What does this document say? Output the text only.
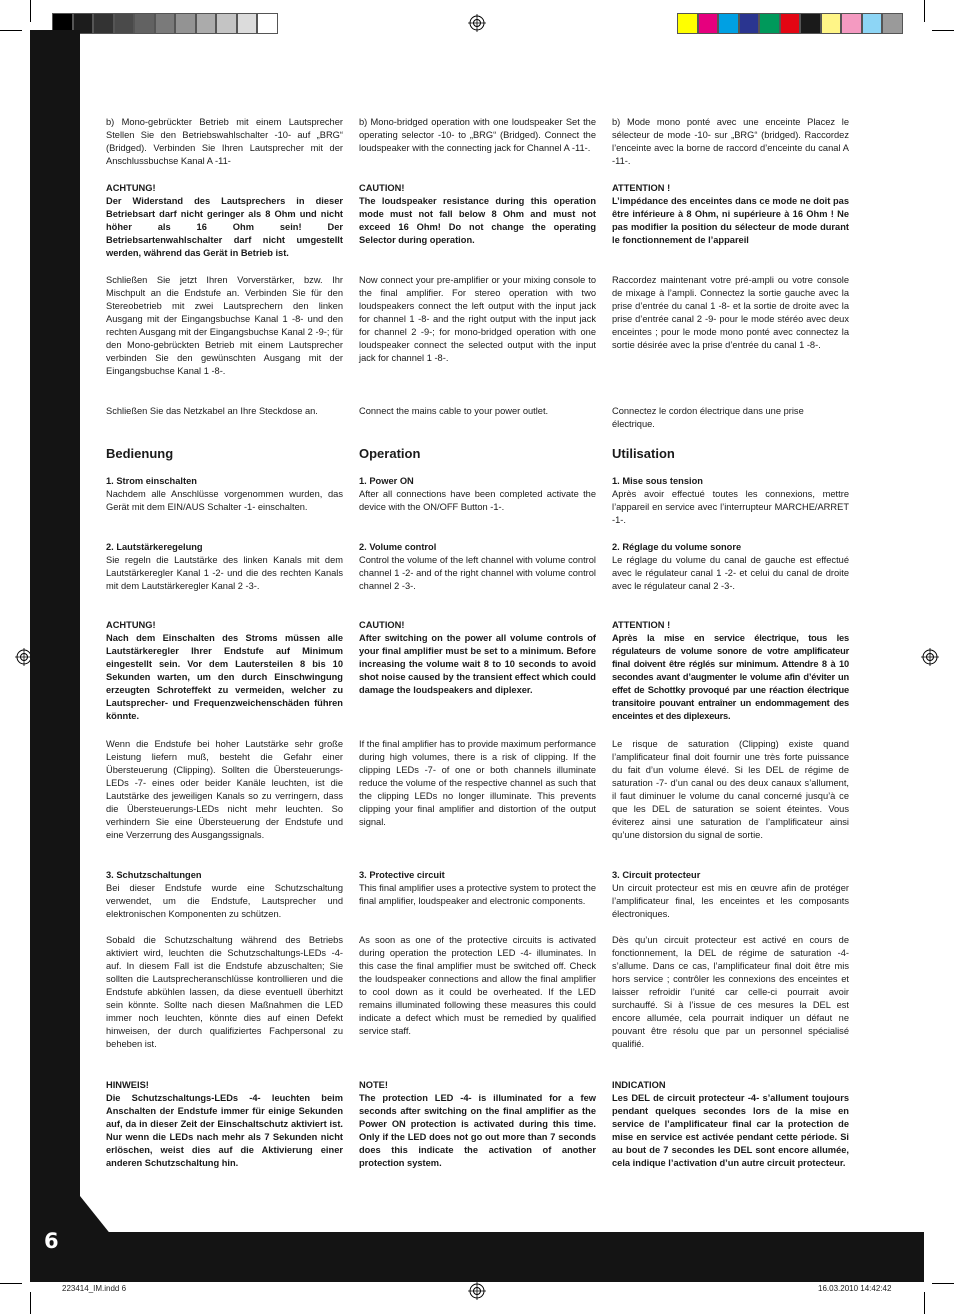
6

b) Mono-gebrückter Betrieb mit einem Lautsprecher Stellen Sie den Betriebswahlschalter -10- auf „BRG“ (Bridged). Verbinden Sie Ihren Lautsprecher mit der Anschlussbuchse Kanal A -11-

ACHTUNG!

Der Widerstand des Lautsprechers in dieser Betriebsart darf nicht geringer als 8 Ohm und nicht höher als 16 Ohm sein! Der Betriebsartenwahlschalter darf nicht umgestellt werden, während das Gerät in Betrieb ist.

Schließen Sie jetzt Ihren Vorverstärker, bzw. Ihr Mischpult an die Endstufe an. Verbinden Sie für den Stereobetrieb mit zwei Lautsprechern den linken Ausgang mit der Eingangsbuchse Kanal 1 -8- und den rechten Ausgang mit der Eingangsbuchse Kanal 2 -9-; für den Mono-gebrückten Betrieb mit einem Lautsprecher verbinden Sie den gewünschten Ausgang mit der Eingangsbuchse Kanal 1 -8-.

Schließen Sie das Netzkabel an Ihre Steckdose an.

Bedienung

1. Strom einschalten

Nachdem alle Anschlüsse vorgenommen wurden, das Gerät mit dem EIN/AUS Schalter -1- einschalten.

2. Lautstärkeregelung

Sie regeln die Lautstärke des linken Kanals mit dem Lautstärkeregler Kanal 1 -2- und die des rechten Kanals mit dem Lautstärkeregler Kanal 2 -3-.

ACHTUNG!

Nach dem Einschalten des Stroms müssen alle Lautstärkeregler Ihrer Endstufe auf Minimum eingestellt sein. Vor dem Lautersteilen 8 bis 10 Sekunden warten, um den durch Einschwingung erzeugten Schroteffekt zu vermeiden, welcher zu Lautsprecher- und Frequenzweichenschäden führen könnte.

Wenn die Endstufe bei hoher Lautstärke sehr große Leistung liefern muß, besteht die Gefahr einer Übersteuerung (Clipping). Sollten die Übersteuerungs-LEDs -7- eines oder beider Kanäle leuchten, ist die Lautstärke des jeweiligen Kanals so zu verringern, dass die Übersteuerungs-LEDs nicht mehr leuchten. So verhindern Sie eine Übersteuerung der Endstufe und eine Verzerrung des Ausgangssignals.

3. Schutzschaltungen

Bei dieser Endstufe wurde eine Schutzschaltung verwendet, um die Endstufe, Lautsprecher und elektronischen Komponenten zu schützen.

Sobald die Schutzschaltung während des Betriebs aktiviert wird, leuchten die Schutzschaltungs-LEDs -4- auf. In diesem Fall ist die Endstufe abzuschalten; Sie sollten die Lautsprecheranschlüsse kontrollieren und die Endstufe abkühlen lassen, da diese eventuell überhitzt sein könnte. Sollte nach diesen Maßnahmen die LED immer noch leuchten, könnte dies auf einen Defekt hinweisen, der durch qualifiziertes Fachpersonal zu beheben ist.

HINWEIS!

Die Schutzschaltungs-LEDs -4- leuchten beim Anschalten der Endstufe immer für einige Sekunden auf, da in dieser Zeit der Einschaltschutz aktiviert ist. Nur wenn die LEDs nach mehr als 7 Sekunden nicht erlöschen, weist dies auf die Aktivierung einer anderen Schutzschaltung hin.

b) Mono-bridged operation with one loudspeaker Set the operating selector -10- to „BRG“ (Bridged). Connect the loudspeaker with the connecting jack for Channel A -11-.

CAUTION!

The loudspeaker resistance during this operation mode must not fall below 8 Ohm and must not exceed 16 Ohm! Do not change the operating Selector during operation.

Now connect your pre-amplifier or your mixing console to the final amplifier. For stereo operation with two loudspeakers connect the left output with the input jack for channel 1 -8- and the right output with the input jack for channel 2 -9-; for mono-bridged operation with one loudspeaker connect the selected output with the input jack for channel 1 -8-.

Connect the mains cable to your power outlet.

Operation

1. Power ON

After all connections have been completed activate the device with the ON/OFF Button -1-.

2. Volume control

Control the volume of the left channel with volume control channel 1 -2- and of the right channel with volume control channel 2 -3-.

CAUTION!

After switching on the power all volume controls of your final amplifier must be set to a minimum. Before increasing the volume wait 8 to 10 seconds to avoid shot noise caused by the transient effect which could damage the loudspeakers and diplexer.

If the final amplifier has to provide maximum performance during high volumes, there is a risk of clipping. If the clipping LEDs -7- of one or both channels illuminate reduce the volume of the respective channel as such that the clipping LEDs no longer illuminate. This prevents clipping your final amplifier and distortion of the output signal.

3. Protective circuit

This final amplifier uses a protective system to protect the final amplifier, loudspeaker and electronic components.

As soon as one of the protective circuits is activated during operation the protection LED -4- illuminates. In this case the final amplifier must be switched off. Check the loudspeaker connections and allow the final amplifier to cool down as it could be overheated. If the LED remains illuminated following these measures this could indicate a defect which must be remedied by qualified service staff.

NOTE!

The protection LED -4- is illuminated for a few seconds after switching on the final amplifier as the Power ON protection is activated during this time. Only if the LED does not go out more than 7 seconds does this indicate the activation of another protection system.

b) Mode mono ponté avec une enceinte Placez le sélecteur de mode -10- sur „BRG“ (bridged). Raccordez l’enceinte avec la borne de raccord d’enceinte du canal A -11-.

ATTENTION !

L’impédance des enceintes dans ce mode ne doit pas être inférieure à 8 Ohm, ni supérieure à 16 Ohm ! Ne pas modifier la position du sélecteur de mode durant le fonctionnement de l’appareil

Raccordez maintenant votre pré-ampli ou votre console de mixage à l’ampli. Connectez la sortie gauche avec la prise d’entrée du canal 1 -8- et la sortie de droite avec la prise d’entrée canal 2 -9- pour le mode stéréo avec deux enceintes ; pour le mode mono ponté avec connectez la sortie désirée avec la prise d’entrée du canal 1 -8-.

Connectez le cordon électrique dans une prise électrique.

Utilisation

1. Mise sous tension

Après avoir effectué toutes les connexions, mettre l’appareil en service avec l’interrupteur MARCHE/ARRET -1-.

2. Réglage du volume sonore

Le réglage du volume du canal de gauche est effectué avec le régulateur canal 1 -2- et celui du canal de droite avec le régulateur canal 2 -3-.

ATTENTION !

Après la mise en service électrique, tous les régulateurs de volume sonore de votre amplificateur final doivent être réglés sur minimum. Attendre 8 à 10 secondes avant d’augmenter le volume afin d’éviter un effet de Schottky provoqué par une réaction électrique transitoire pouvant entraîner un endommagement des enceintes et des diplexeurs.

Le risque de saturation (Clipping) existe quand l’amplificateur final doit fournir une très forte puissance du fait d’un volume élevé. Si les DEL de régime de saturation -7- d’un canal ou des deux canaux s’allument, il faut diminuer le volume du canal concerné jusqu’à ce que les DEL de saturation se soient éteintes. Vous éviterez ainsi une saturation de l’amplificateur ainsi qu’une distorsion du signal de sortie.

3. Circuit protecteur

Un circuit protecteur est mis en œuvre afin de protéger l’amplificateur final, les enceintes et les composants électroniques.

Dès qu’un circuit protecteur est activé en cours de fonctionnement, la DEL de régime de saturation -4- s’allume. Dans ce cas, l’amplificateur final doit être mis hors service ; contrôler les connexions des enceintes et laisser refroidir l’unité car celle-ci pourrait avoir surchauffé. Si à l’issue de ces mesures la DEL est encore allumée, cela pourrait indiquer un défaut ne pouvant être résolu que par un personnel spécialisé qualifié.

INDICATION

Les DEL de circuit protecteur -4- s’allument toujours pendant quelques secondes lors de la mise en service de l’amplificateur final car la protection de mise en service est activée pendant cette période. Si au bout de 7 secondes les DEL sont encore allumée, cela indique l’activation d’un autre circuit protecteur.

223414_IM.indd 6	16.03.2010 14:42:42
